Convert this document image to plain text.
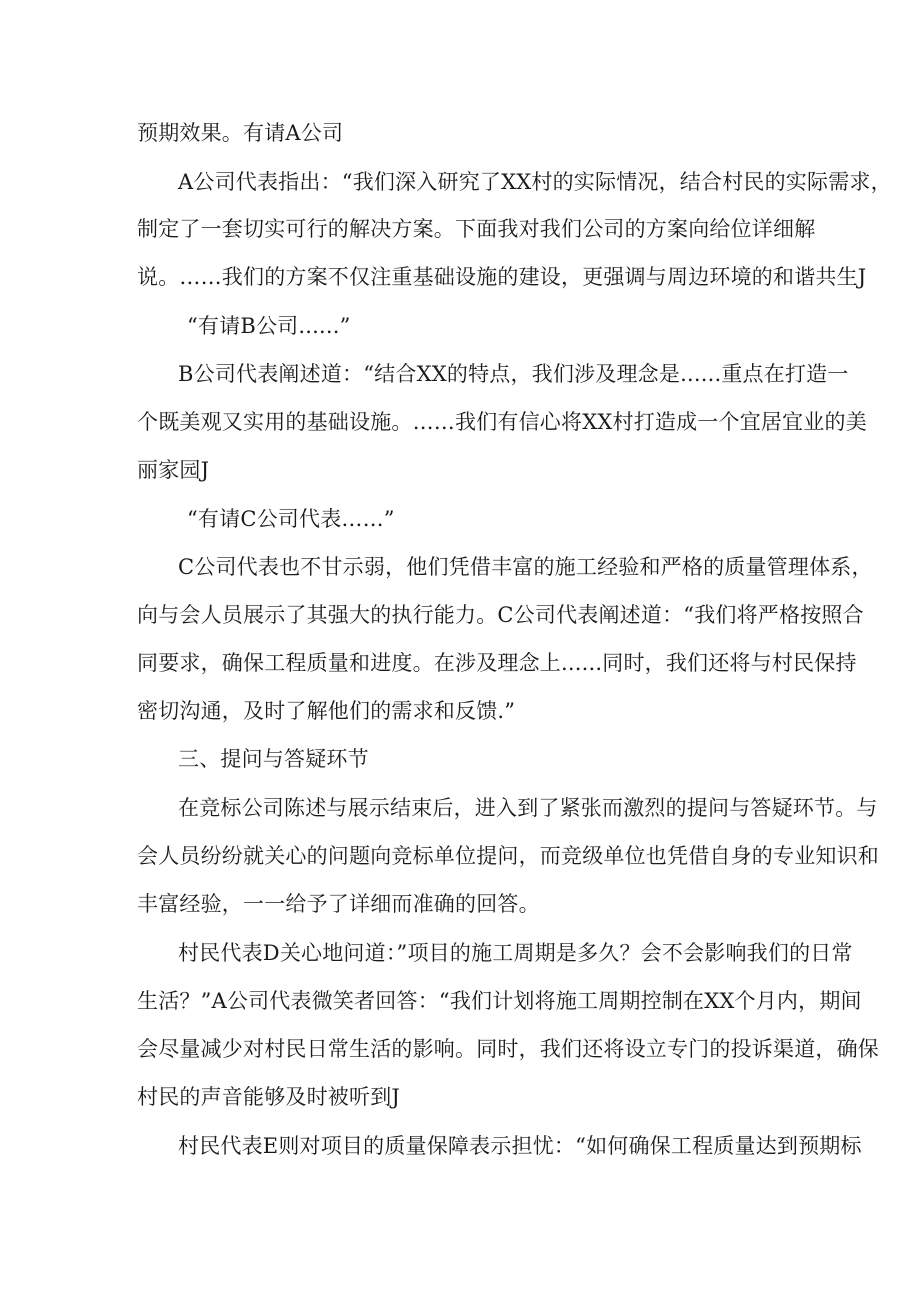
预期效果。有请A公司
A公司代表指出：“我们深入研究了XX村的实际情况，结合村民的实际需求，
制定了一套切实可行的解决方案。下面我对我们公司的方案向给位详细解
说。……我们的方案不仅注重基础设施的建设，更强调与周边环境的和谐共生J
“有请B公司......”
B公司代表阐述道：“结合XX的特点，我们涉及理念是......重点在打造一
个既美观又实用的基础设施。……我们有信心将XX村打造成一个宜居宜业的美
丽家园J
“有请C公司代表……”
C公司代表也不甘示弱，他们凭借丰富的施工经验和严格的质量管理体系，
向与会人员展示了其强大的执行能力。C公司代表阐述道：“我们将严格按照合
同要求，确保工程质量和进度。在涉及理念上......同时，我们还将与村民保持
密切沟通，及时了解他们的需求和反馈.”
三、提问与答疑环节
在竞标公司陈述与展示结束后，进入到了紧张而激烈的提问与答疑环节。与
会人员纷纷就关心的问题向竞标单位提问，而竞级单位也凭借自身的专业知识和
丰富经验，一一给予了详细而准确的回答。
村民代表D关心地问道：”项目的施工周期是多久？会不会影响我们的日常
生活？”A公司代表微笑者回答：“我们计划将施工周期控制在XX个月内，期间
会尽量减少对村民日常生活的影响。同时，我们还将设立专门的投诉渠道，确保
村民的声音能够及时被听到J
村民代表E则对项目的质量保障表示担忧：“如何确保工程质量达到预期标
